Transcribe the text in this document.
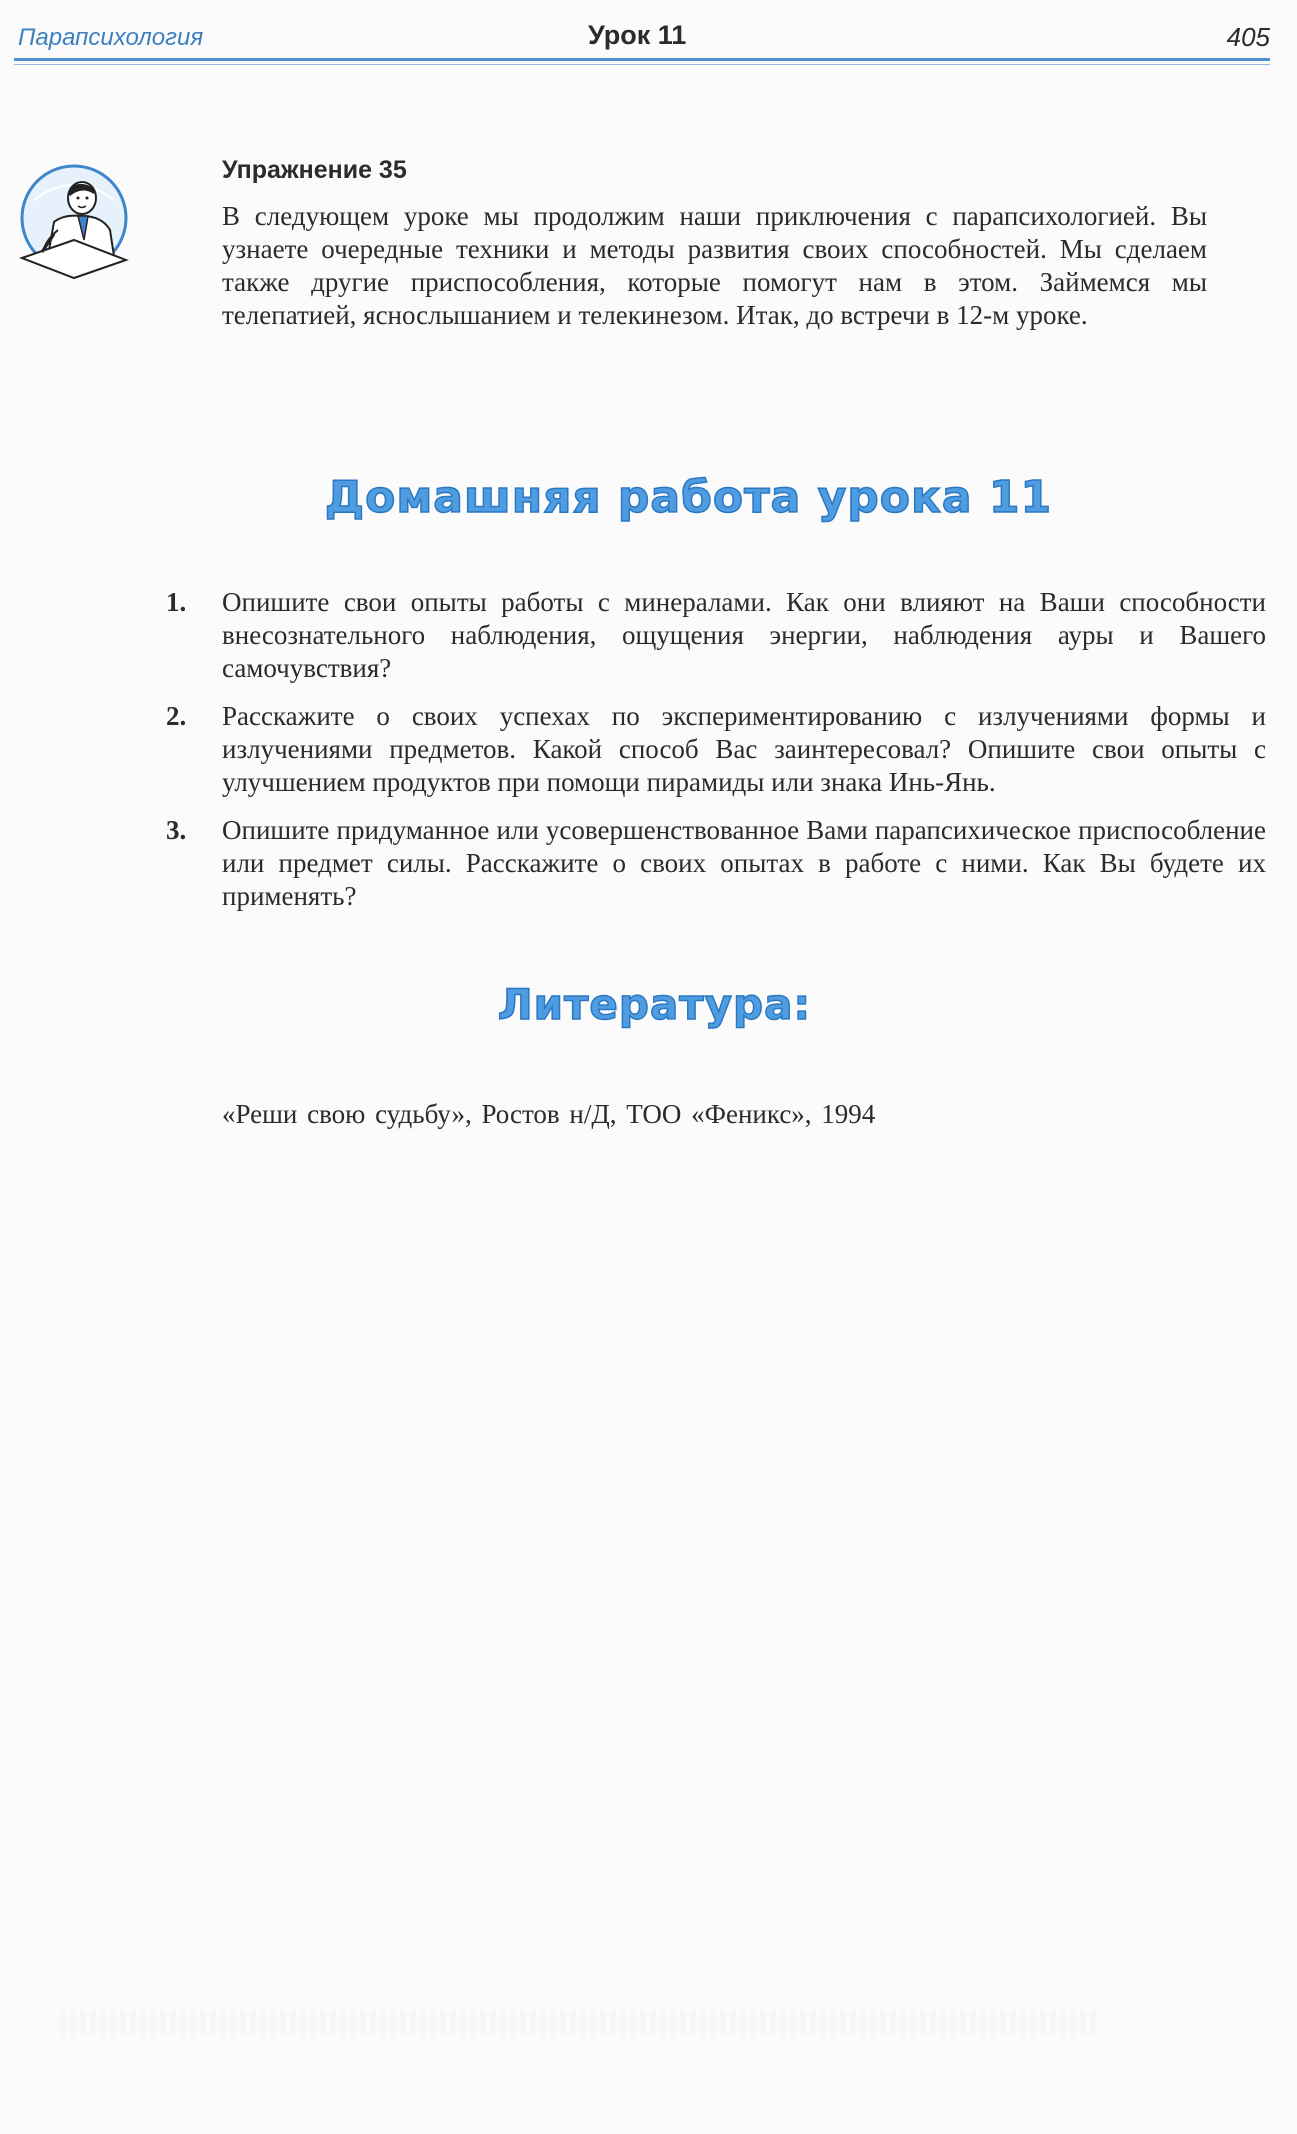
Парапсихология	Урок 11	405
Упражнение 35
В следующем уроке мы продолжим наши приключения с парапсихологией. Вы узнаете очередные техники и методы развития своих способностей. Мы сделаем также другие приспособления, которые помогут нам в этом. Займемся мы телепатией, яснослышанием и телекинезом. Итак, до встречи в 12-м уроке.
Домашняя работа урока 11
1.	Опишите свои опыты работы с минералами. Как они влияют на Ваши способности внесознательного наблюдения, ощущения энергии, наблюдения ауры и Вашего самочувствия?
2.	Расскажите о своих успехах по экспериментированию с излучениями формы и излучениями предметов. Какой способ Вас заинтересовал? Опишите свои опыты с улучшением продуктов при помощи пирамиды или знака Инь-Янь.
3.	Опишите придуманное или усовершенствованное Вами парапсихическое приспособление или предмет силы. Расскажите о своих опытах в работе с ними. Как Вы будете их применять?
Литература:
«Реши свою судьбу», Ростов н/Д, ТОО «Феникс», 1994
